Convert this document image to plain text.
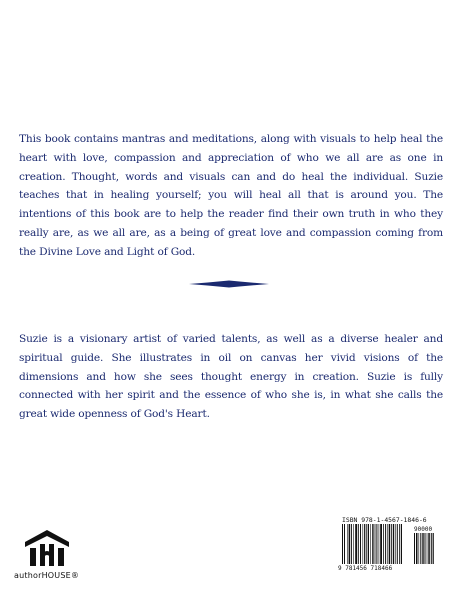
This book contains mantras and meditations, along with visuals to help heal the heart with love, compassion and appreciation of who we all are as one in creation. Thought, words and visuals can and do heal the individual. Suzie teaches that in healing yourself; you will heal all that is around you. The intentions of this book are to help the reader find their own truth in who they really are, as we all are, as a being of great love and compassion coming from the Divine Love and Light of God.

Suzie is a visionary artist of varied talents, as well as a diverse healer and spiritual guide. She illustrates in oil on canvas her vivid visions of the dimensions and how she sees thought energy in creation. Suzie is fully connected with her spirit and the essence of who she is, in what she calls the great wide openness of God's Heart.

authorHOUSE®
ISBN 978-1-4567-1846-6
90000
9 781456 718466
